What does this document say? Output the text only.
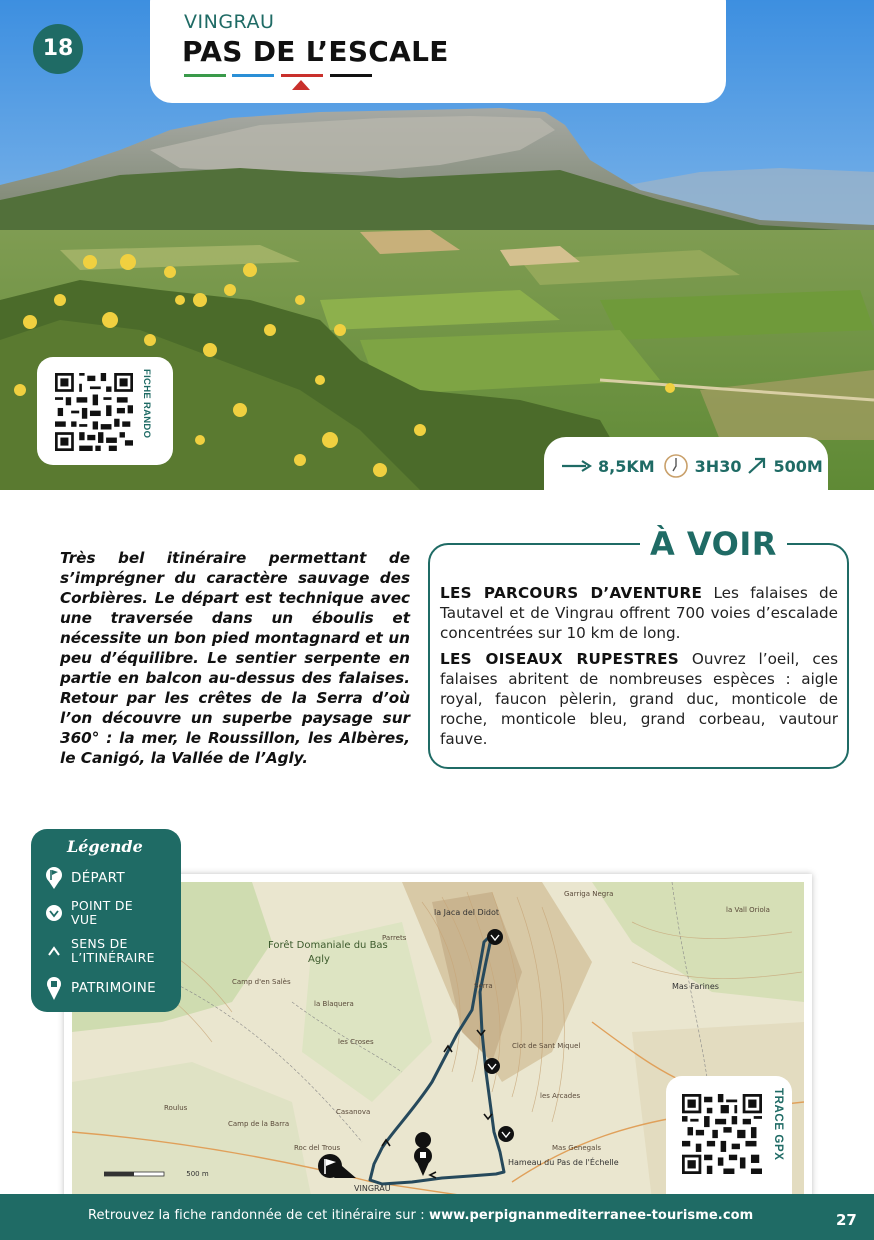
18
VINGRAU
PAS DE L’ESCALE
FICHE RANDO
8,5KM	3H30 500M

Très bel itinéraire permettant de s’imprégner du caractère sauvage des Corbières. Le départ est technique avec une traversée dans un éboulis et nécessite un bon pied montagnard et un peu d’équilibre. Le sentier serpente en partie en balcon au-dessus des falaises. Retour par les crêtes de la Serra d’où l’on découvre un superbe paysage sur 360° : la mer, le Roussillon, les Albères, le Canigó, la Vallée de l’Agly.

À VOIR

LES PARCOURS D’AVENTURE Les falaises de Tautavel et de Vingrau offrent 700 voies d’escalade concentrées sur 10 km de long.

LES OISEAUX RUPESTRES Ouvrez l’oeil, ces falaises abritent de nombreuses espèces : aigle royal, faucon pèlerin, grand duc, monticole de roche, monticole bleu, grand corbeau, vautour fauve.

Forêt Domaniale du Bas
Agly
la Jaca del Didot
Camp d'en Salès
la Blaquera
les Croses
Serra	Mas Farines
Hameau du Pas de l'Échelle
Casanova
la Vall Oriola
Clot de Sant Miquel
Mas Genegals
Parrets
Roc del Trous
Garriga Negra
Camp de la Barra
Roulus
les Arcades
VINGRAU
500 m
Légende
DÉPART
POINT DE VUE
SENS DE L’ITINÉRAIRE
PATRIMOINE
TRACE GPX
Retrouvez la fiche randonnée de cet itinéraire sur : www.perpignanmediterranee-tourisme.com	27
